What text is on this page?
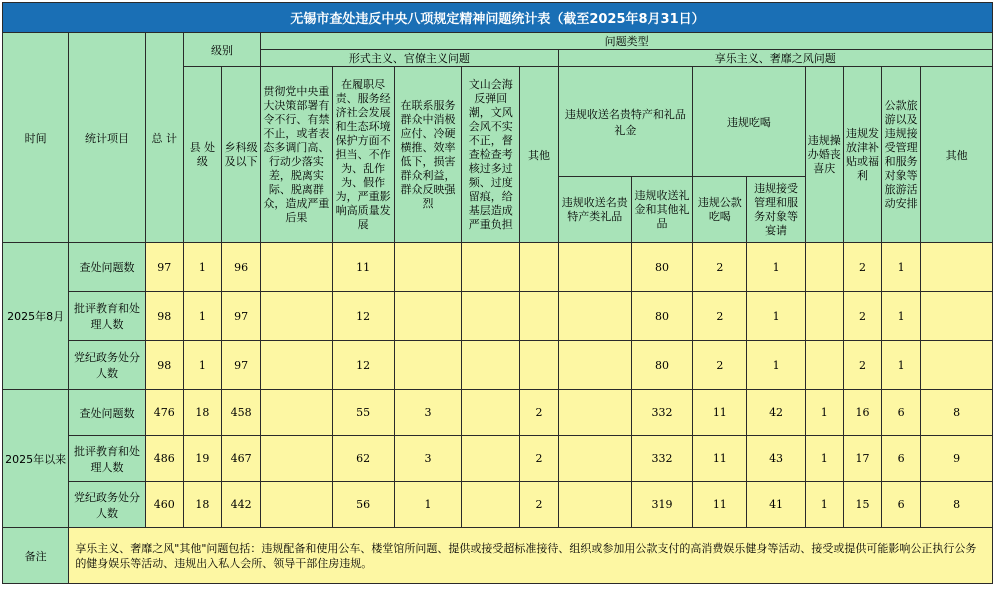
无锡市查处违反中央八项规定精神问题统计表（截至2025年8月31日）																	
时间	统计项目	总 计	级别		问题类型												
					形式主义、官僚主义问题					享乐主义、奢靡之风问题							
			县 处级	乡科级及以下	贯彻党中央重大决策部署有令不行、有禁不止，或者表态多调门高、行动少落实差，脱离实际、脱离群众，造成严重后果	在履职尽责、服务经济社会发展和生态环境保护方面不担当、不作为、乱作为、假作为，严重影响高质量发展	在联系服务群众中消极应付、冷硬横推、效率低下，损害群众利益，群众反映强烈	文山会海反弹回潮，文风会风不实不正，督查检查考核过多过频、过度留痕，给基层造成严重负担	其他	违规收送名贵特产和礼品礼金		违规吃喝		违规操办婚丧喜庆	违规发放津补贴或福利	公款旅游以及违规接受管理和服务对象等旅游活动安排	其他

										违规收送名贵特产类礼品	违规收送礼金和其他礼品	违规公款吃喝	违规接受管理和服务对象等宴请				
2025年8月	查处问题数	97	1	96		11					80	2	1		2	1	
	批评教育和处理人数	98	1	97		12					80	2	1		2	1	
	党纪政务处分人数	98	1	97		12					80	2	1		2	1	
2025年以来	查处问题数	476	18	458		55	3		2		332	11	42	1	16	6	8
	批评教育和处理人数	486	19	467		62	3		2		332	11	43	1	17	6	9
	党纪政务处分人数	460	18	442		56	1		2		319	11	41	1	15	6	8
备注	享乐主义、奢靡之风"其他"问题包括：违规配备和使用公车、楼堂馆所问题、提供或接受超标准接待、组织或参加用公款支付的高消费娱乐健身等活动、接受或提供可能影响公正执行公务的健身娱乐等活动、违规出入私人会所、领导干部住房违规。																
